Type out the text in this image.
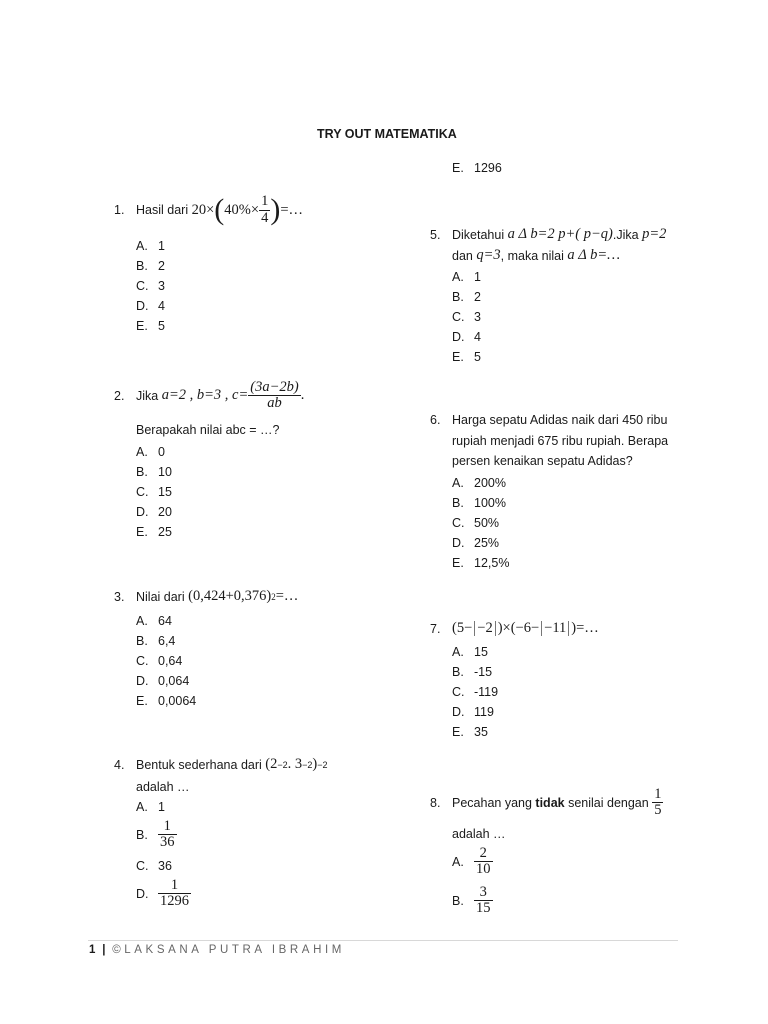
TRY OUT MATEMATIKA
1. Hasil dari
20 × ( $40\% \times \frac{1}{4}$ ) =…
A. 1
B. 2
C. 3
D. 4
E. 5
2. Jika
a=2 , b=3 , $c= \frac{(3a-2b)}{ab}$ .
Berapakah nilai abc = …?
A. 0
B. 10
C. 15
D. 20
E. 25
3. Nilai dari
(0,424+0,376) 2 =…
A. 64
B. 6,4
C. 0,64
D. 0,064
E. 0,0064
4. Bentuk sederhana dari
(2 −2 . 3 −2 ) −2
adalah …
A. 1
B. $\frac{1}{36}$
C. 36
D. $\frac{1}{1296}$
E. 1296
5. Diketahui
a Δ b=2 p+( p−q) .Jika
p=2
dan
q=3 , maka nilai
a Δ b=…
A. 1
B. 2
C. 3
D. 4
E. 5
6. Harga sepatu Adidas naik dari 450 ribu
rupiah menjadi 675 ribu rupiah. Berapa
persen kenaikan sepatu Adidas?
A. 200%
B. 100%
C. 50%
D. 25%
E. 12,5%
7. (5− −2 )×(−6− −11 )=…
A. 15
B. -15
C. -119
D. 119
E. 35
8. Pecahan yang
tidak
senilai dengan
$\frac{1}{5}$
adalah …
A. $\frac{2}{10}$
B. $\frac{3}{15}$
1 | ©LAKSANA PUTRA IBRAHIM
